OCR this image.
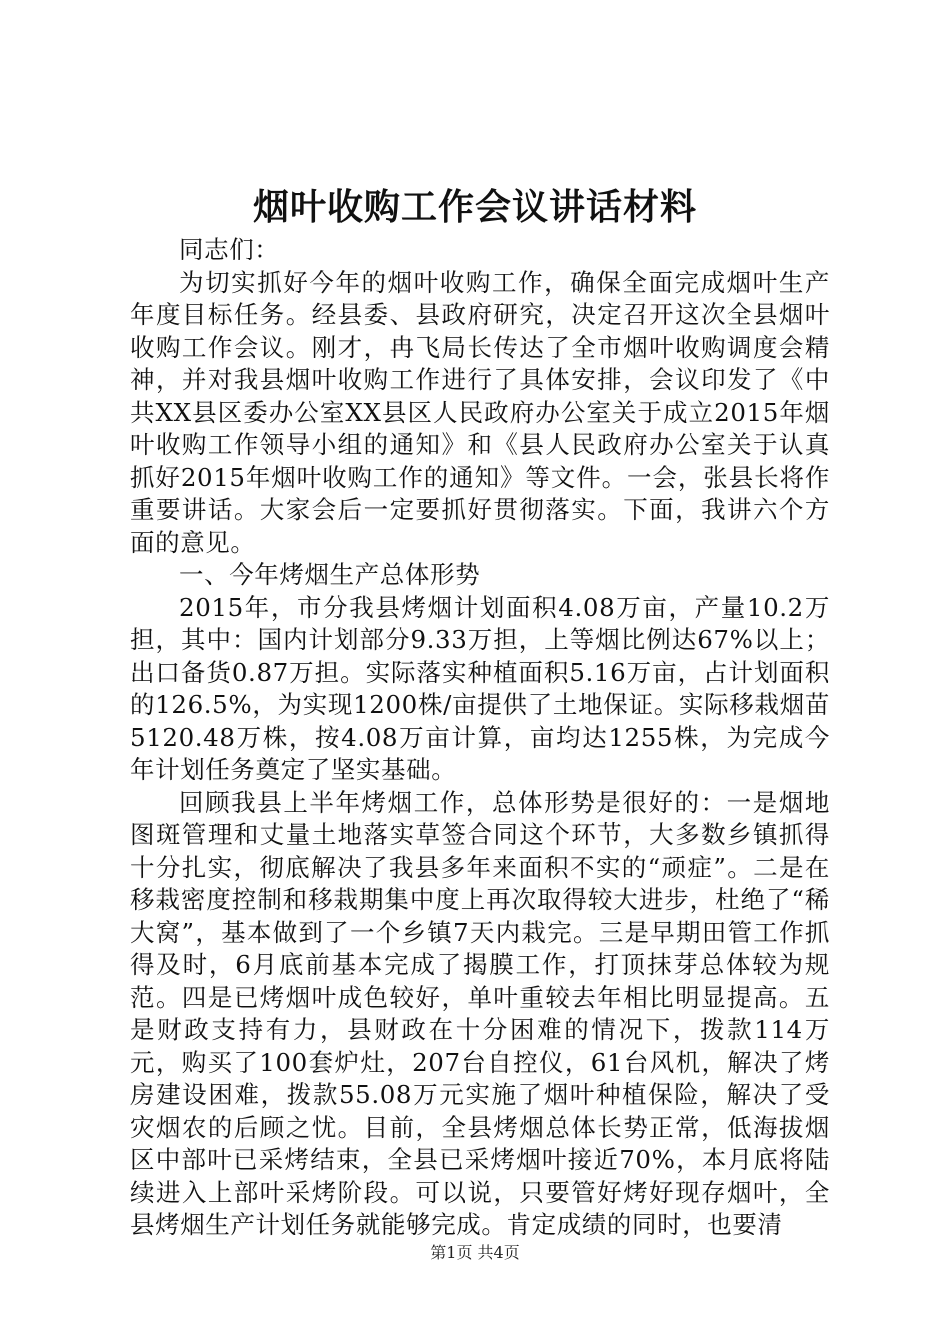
烟叶收购工作会议讲话材料

同志们：

为切实抓好今年的烟叶收购工作，确保全面完成烟叶生产年度目标任务。经县委、县政府研究，决定召开这次全县烟叶收购工作会议。刚才，冉飞局长传达了全市烟叶收购调度会精神，并对我县烟叶收购工作进行了具体安排，会议印发了《中共XX县区委办公室XX县区人民政府办公室关于成立2015年烟叶收购工作领导小组的通知》和《县人民政府办公室关于认真抓好2015年烟叶收购工作的通知》等文件。一会，张县长将作重要讲话。大家会后一定要抓好贯彻落实。下面，我讲六个方面的意见。

一、今年烤烟生产总体形势

2015年，市分我县烤烟计划面积4.08万亩，产量10.2万担，其中：国内计划部分9.33万担，上等烟比例达67%以上；出口备货0.87万担。实际落实种植面积5.16万亩，占计划面积的126.5%，为实现1200株/亩提供了土地保证。实际移栽烟苗5120.48万株，按4.08万亩计算，亩均达1255株，为完成今年计划任务奠定了坚实基础。

回顾我县上半年烤烟工作，总体形势是很好的：一是烟地图斑管理和丈量土地落实草签合同这个环节，大多数乡镇抓得十分扎实，彻底解决了我县多年来面积不实的“顽症”。二是在移栽密度控制和移栽期集中度上再次取得较大进步，杜绝了“稀大窝”，基本做到了一个乡镇7天内栽完。三是早期田管工作抓得及时，6月底前基本完成了揭膜工作，打顶抹芽总体较为规范。四是已烤烟叶成色较好，单叶重较去年相比明显提高。五是财政支持有力，县财政在十分困难的情况下，拨款114万元，购买了100套炉灶，207台自控仪，61台风机，解决了烤房建设困难，拨款55.08万元实施了烟叶种植保险，解决了受灾烟农的后顾之忧。目前，全县烤烟总体长势正常，低海拔烟区中部叶已采烤结束，全县已采烤烟叶接近70%，本月底将陆续进入上部叶采烤阶段。可以说，只要管好烤好现存烟叶，全县烤烟生产计划任务就能够完成。肯定成绩的同时，也要清

第1页 共4页
